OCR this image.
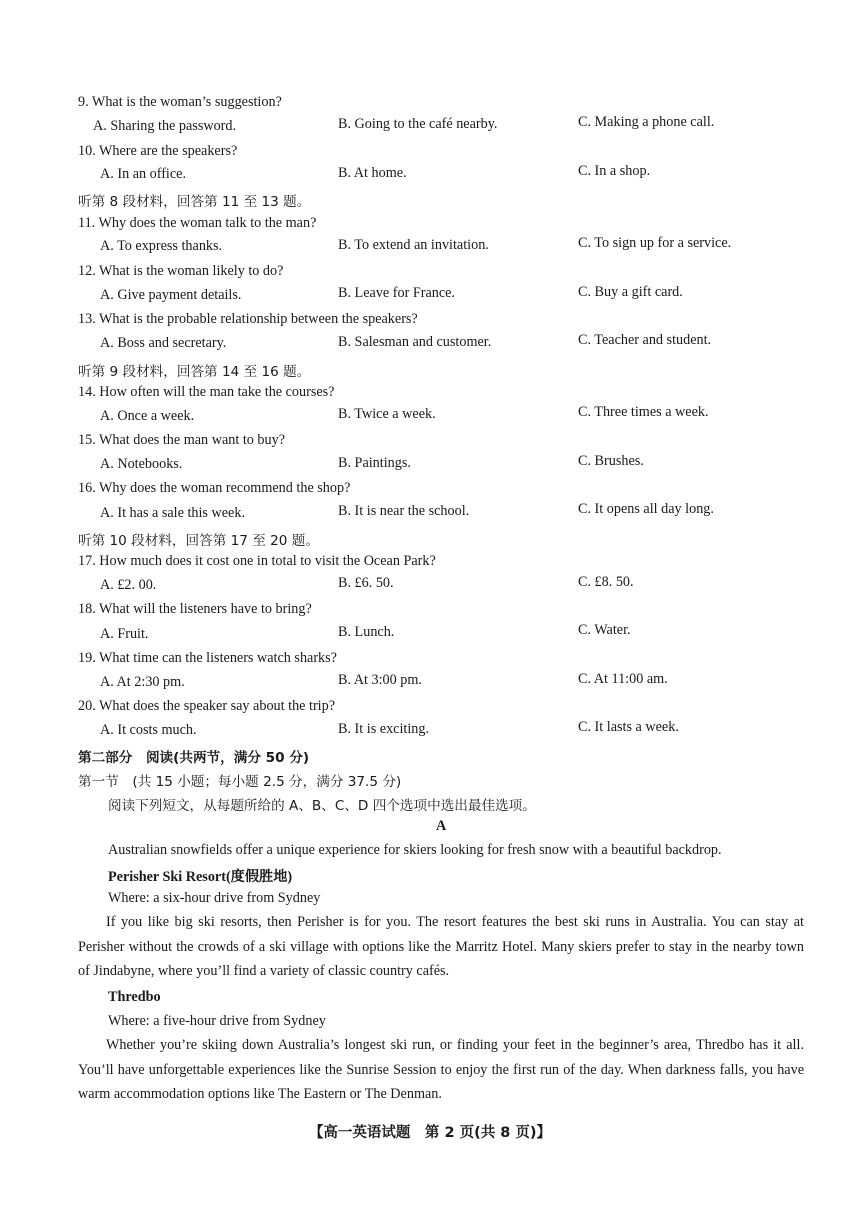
9. What is the woman’s suggestion?
A. Sharing the password.	B. Going to the café nearby.	C. Making a phone call.
10. Where are the speakers?
A. In an office.	B. At home.	C. In a shop.
听第 8 段材料，回答第 11 至 13 题。
11. Why does the woman talk to the man?
A. To express thanks.	B. To extend an invitation.	C. To sign up for a service.
12. What is the woman likely to do?
A. Give payment details.	B. Leave for France.	C. Buy a gift card.
13. What is the probable relationship between the speakers?
A. Boss and secretary.	B. Salesman and customer.	C. Teacher and student.
听第 9 段材料，回答第 14 至 16 题。
14. How often will the man take the courses?
A. Once a week.	B. Twice a week.	C. Three times a week.
15. What does the man want to buy?
A. Notebooks.	B. Paintings.	C. Brushes.
16. Why does the woman recommend the shop?
A. It has a sale this week.	B. It is near the school.	C. It opens all day long.
听第 10 段材料，回答第 17 至 20 题。
17. How much does it cost one in total to visit the Ocean Park?
A. £2. 00.	B. £6. 50.	C. £8. 50.
18. What will the listeners have to bring?
A. Fruit.	B. Lunch.	C. Water.
19. What time can the listeners watch sharks?
A. At 2:30 pm.	B. At 3:00 pm.	C. At 11:00 am.
20. What does the speaker say about the trip?
A. It costs much.	B. It is exciting.	C. It lasts a week.
第二部分　阅读(共两节，满分 50 分)
第一节　(共 15 小题；每小题 2.5 分，满分 37.5 分)
阅读下列短文，从每题所给的 A、B、C、D 四个选项中选出最佳选项。
A
Australian snowfields offer a unique experience for skiers looking for fresh snow with a beautiful backdrop.
Perisher Ski Resort(度假胜地)
Where: a six-hour drive from Sydney
If you like big ski resorts, then Perisher is for you. The resort features the best ski runs in Australia. You can stay at Perisher without the crowds of a ski village with options like the Marritz Hotel. Many skiers prefer to stay in the nearby town of Jindabyne, where you’ll find a variety of classic country cafés.
Thredbo
Where: a five-hour drive from Sydney
Whether you’re skiing down Australia’s longest ski run, or finding your feet in the beginner’s area, Thredbo has it all. You’ll have unforgettable experiences like the Sunrise Session to enjoy the first run of the day. When darkness falls, you have warm accommodation options like The Eastern or The Denman.
【高一英语试题　第 2 页(共 8 页)】
